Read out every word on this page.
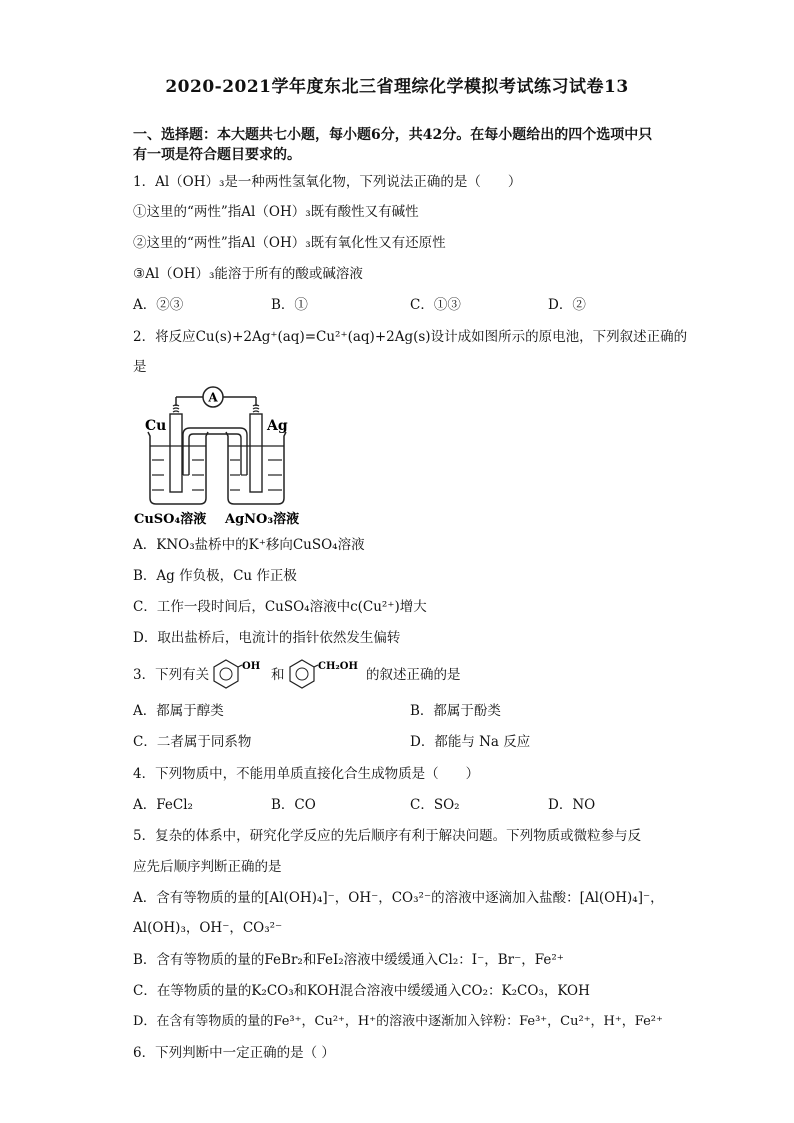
2020-2021学年度东北三省理综化学模拟考试练习试卷13
一、选择题：本大题共七小题，每小题6分，共42分。在每小题给出的四个选项中只
有一项是符合题目要求的。
1．Al（OH）₃是一种两性氢氧化物，下列说法正确的是（　　）
①这里的“两性”指Al（OH）₃既有酸性又有碱性
②这里的“两性”指Al（OH）₃既有氧化性又有还原性
③Al（OH）₃能溶于所有的酸或碱溶液
A．②③	B．①	C．①③	D．②
2．将反应Cu(s)+2Ag⁺(aq)=Cu²⁺(aq)+2Ag(s)设计成如图所示的原电池，下列叙述正确的
是
A
Cu	Ag
CuSO₄溶液 AgNO₃溶液
A．KNO₃盐桥中的K⁺移向CuSO₄溶液
B．Ag 作负极，Cu 作正极
C．工作一段时间后，CuSO₄溶液中c(Cu²⁺)增大
D．取出盐桥后，电流计的指针依然发生偏转
3．下列有关
OH
和
CH₂OH
的叙述正确的是
A．都属于醇类	B．都属于酚类
C．二者属于同系物	D．都能与 Na 反应
4．下列物质中，不能用单质直接化合生成物质是（　　）
A．FeCl₂	B．CO	C．SO₂	D．NO
5．复杂的体系中，研究化学反应的先后顺序有利于解决问题。下列物质或微粒参与反
应先后顺序判断正确的是
A．含有等物质的量的[Al(OH)₄]⁻，OH⁻，CO₃²⁻的溶液中逐滴加入盐酸：[Al(OH)₄]⁻，
Al(OH)₃，OH⁻，CO₃²⁻
B．含有等物质的量的FeBr₂和FeI₂溶液中缓缓通入Cl₂：I⁻，Br⁻，Fe²⁺
C．在等物质的量的K₂CO₃和KOH混合溶液中缓缓通入CO₂：K₂CO₃，KOH
D．在含有等物质的量的Fe³⁺，Cu²⁺，H⁺的溶液中逐渐加入锌粉：Fe³⁺，Cu²⁺，H⁺，Fe²⁺
6．下列判断中一定正确的是（ ）
